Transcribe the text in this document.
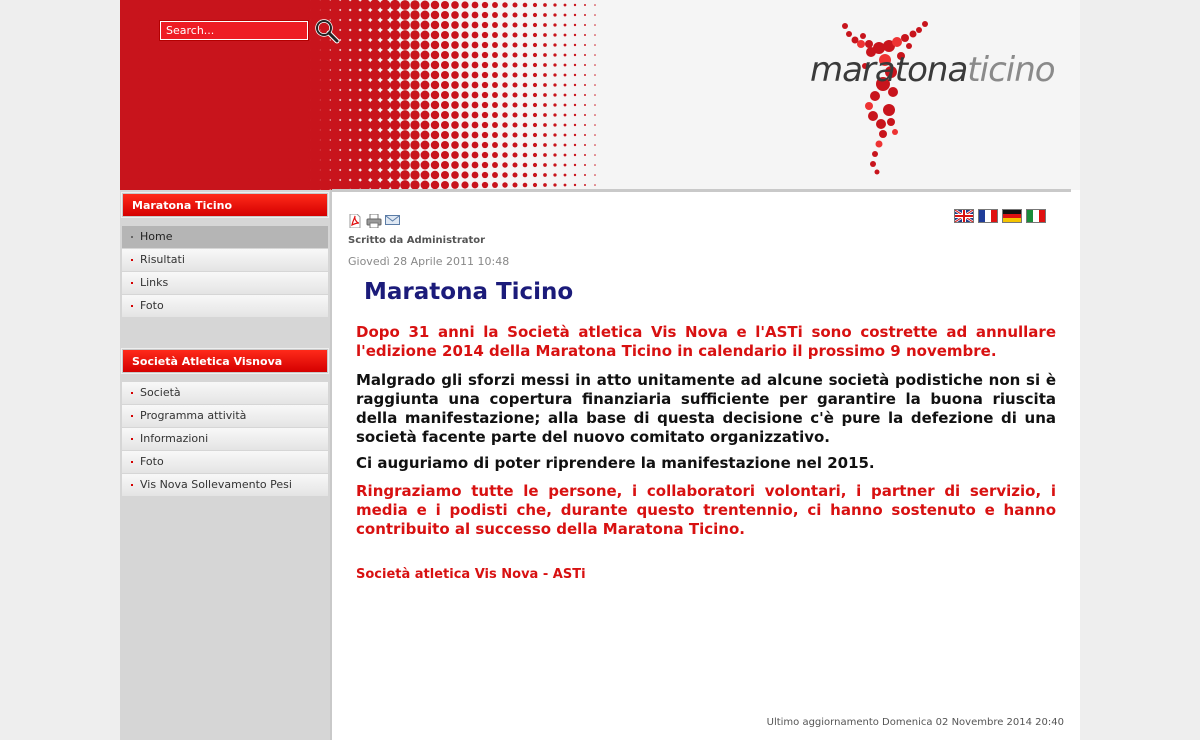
Search...
maratonaticino
Maratona Ticino
Home
Risultati
Links
Foto
Società Atletica Visnova
Società
Programma attività
Informazioni
Foto
Vis Nova Sollevamento Pesi
Scritto da Administrator
Giovedì 28 Aprile 2011 10:48
Maratona Ticino

Dopo 31 anni la Società atletica Vis Nova e l'ASTi sono costrette ad annullare l'edizione 2014 della Maratona Ticino in calendario il prossimo 9 novembre.

Malgrado gli sforzi messi in atto unitamente ad alcune società podistiche non si è raggiunta una copertura finanziaria sufficiente per garantire la buona riuscita della manifestazione; alla base di questa decisione c'è pure la defezione di una società facente parte del nuovo comitato organizzativo.

Ci auguriamo di poter riprendere la manifestazione nel 2015.

Ringraziamo tutte le persone, i collaboratori volontari, i partner di servizio, i media e i podisti che, durante questo trentennio, ci hanno sostenuto e hanno contribuito al successo della Maratona Ticino.

Società atletica Vis Nova - ASTi
Ultimo aggiornamento Domenica 02 Novembre 2014 20:40
